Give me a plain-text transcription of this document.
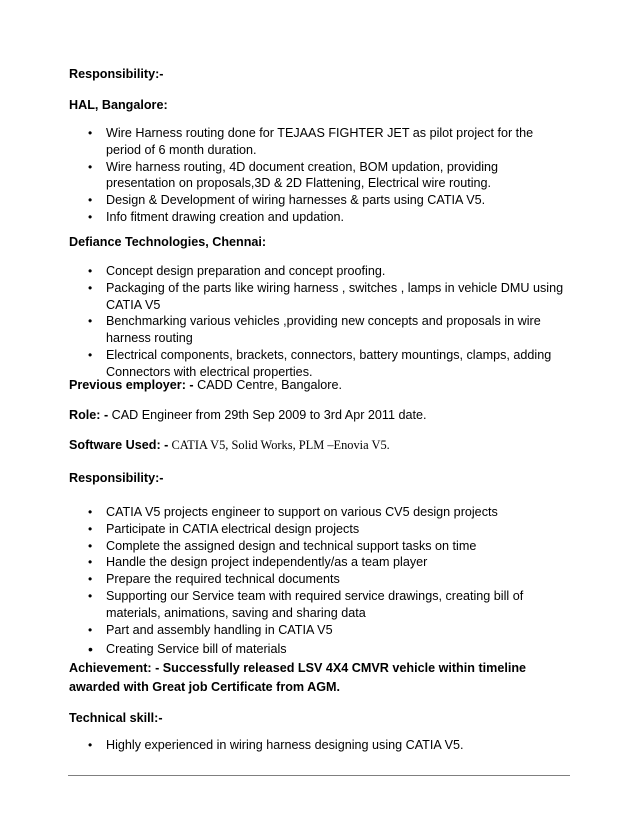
Responsibility:-
HAL, Bangalore:
• Wire Harness routing done for TEJAAS FIGHTER JET as pilot project for the period of 6 month duration.
• Wire harness routing, 4D document creation, BOM updation, providing presentation on proposals,3D & 2D Flattening, Electrical wire routing.
• Design & Development of wiring harnesses & parts using CATIA V5.
• Info fitment drawing creation and updation.
Defiance Technologies, Chennai:
• Concept design preparation and concept proofing.
• Packaging of the parts like wiring harness , switches , lamps in vehicle DMU using CATIA V5
• Benchmarking various vehicles ,providing new concepts and proposals in wire harness routing
• Electrical components, brackets, connectors, battery mountings, clamps, adding Connectors with electrical properties.
Previous employer: - CADD Centre, Bangalore.
Role: - CAD Engineer from 29th Sep 2009 to 3rd Apr 2011 date.
Software Used: - CATIA V5, Solid Works, PLM –Enovia V5.
Responsibility:-
• CATIA V5 projects engineer to support on various CV5 design projects
• Participate in CATIA electrical design projects
• Complete the assigned design and technical support tasks on time
• Handle the design project independently/as a team player
• Prepare the required technical documents
• Supporting our Service team with required service drawings, creating bill of materials, animations, saving and sharing data
• Part and assembly handling in CATIA V5
• Creating Service bill of materials
Achievement: - Successfully released LSV 4X4 CMVR vehicle within timeline
awarded with Great job Certificate from AGM.
Technical skill:-
• Highly experienced in wiring harness designing using CATIA V5.
